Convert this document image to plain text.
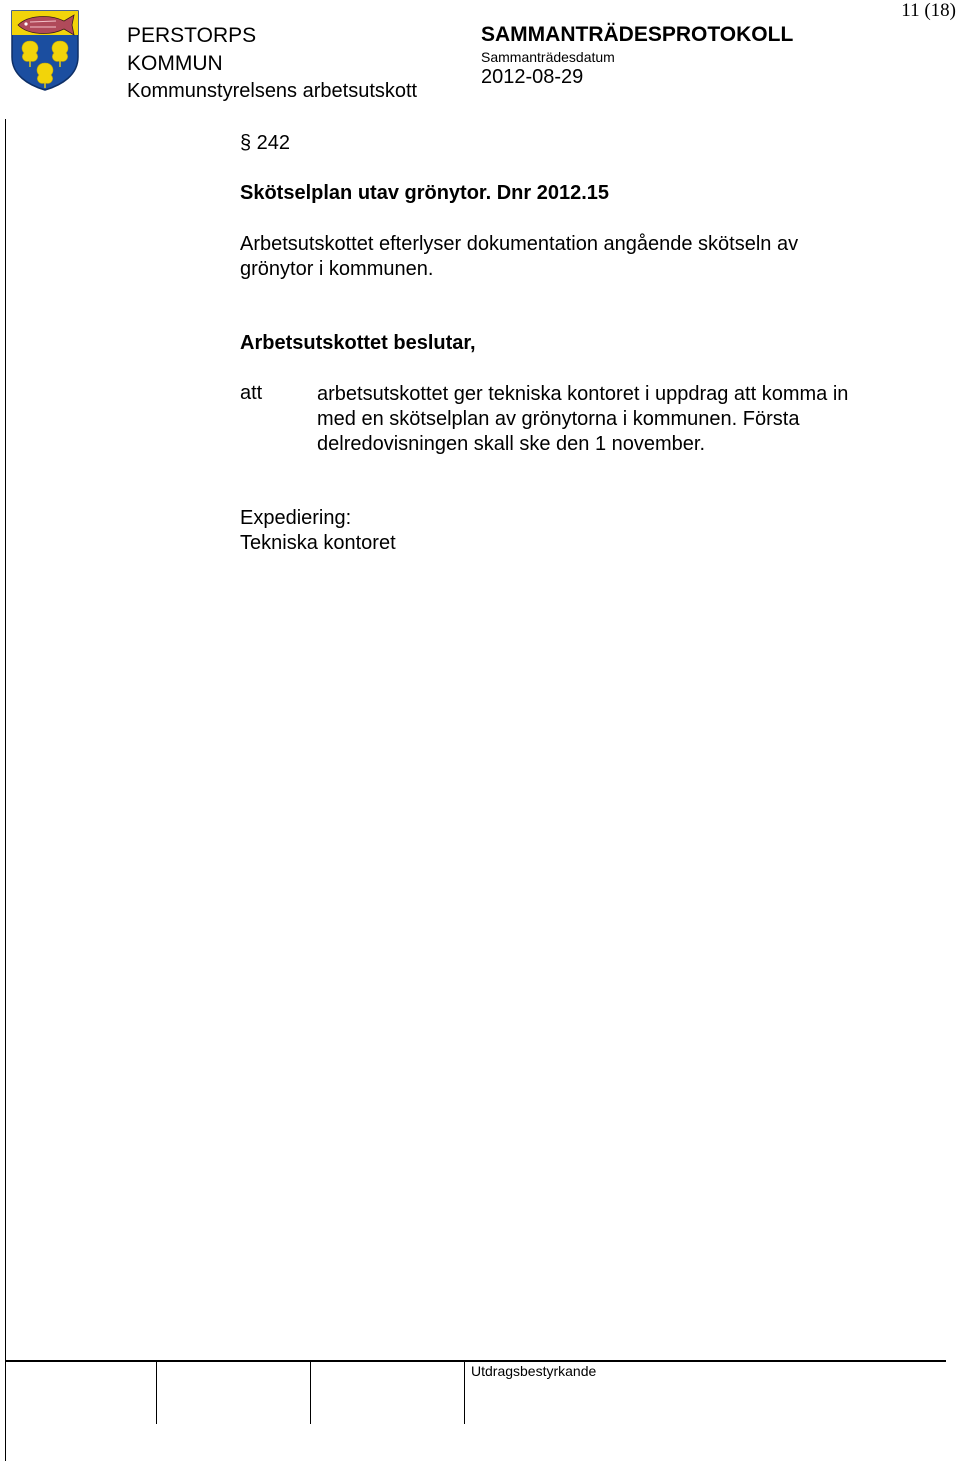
11 (18)
PERSTORPS
KOMMUN
Kommunstyrelsens arbetsutskott
SAMMANTRÄDESPROTOKOLL
Sammanträdesdatum
2012-08-29
§ 242
Skötselplan utav grönytor. Dnr 2012.15
Arbetsutskottet efterlyser dokumentation angående skötseln av grönytor i kommunen.
Arbetsutskottet beslutar,
att	arbetsutskottet ger tekniska kontoret i uppdrag att komma in med en skötselplan av grönytorna i kommunen. Första delredovisningen skall ske den 1 november.
Expediering:
Tekniska kontoret
Utdragsbestyrkande
